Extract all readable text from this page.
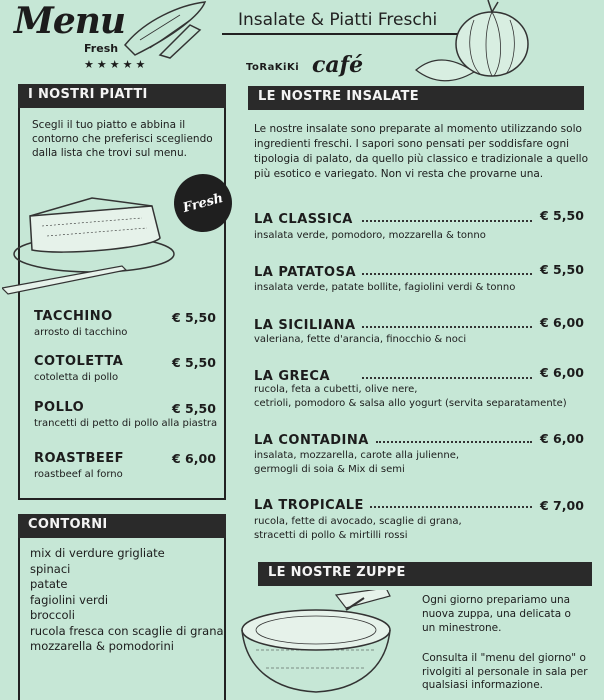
Menu
Fresh
★★★★★
Insalate & Piatti Freschi
ToRaKiKi café
I NOSTRI PIATTI
Scegli il tuo piatto e abbina il contorno che preferisci scegliendo dalla lista che trovi sul menu.
Fresh
TACCHINO	€ 5,50
arrosto di tacchino
COTOLETTA	€ 5,50
cotoletta di pollo
POLLO	€ 5,50
trancetti di petto di pollo alla piastra
ROASTBEEF	€ 6,00
roastbeef al forno
CONTORNI
mix di verdure grigliate
spinaci
patate
fagiolini verdi
broccoli
rucola fresca con scaglie di grana
mozzarella & pomodorini
LE NOSTRE INSALATE
Le nostre insalate sono preparate al momento utilizzando solo ingredienti freschi. I sapori sono pensati per soddisfare ogni tipologia di palato, da quello più classico e tradizionale a quello più esotico e variegato. Non vi resta che provarne una.
LA CLASSICA	€ 5,50
insalata verde, pomodoro, mozzarella & tonno
LA PATATOSA	€ 5,50
insalata verde, patate bollite, fagiolini verdi & tonno
LA SICILIANA	€ 6,00
valeriana, fette d'arancia, finocchio & noci
LA GRECA	€ 6,00
rucola, feta a cubetti, olive nere,
cetrioli, pomodoro & salsa allo yogurt (servita separatamente)
LA CONTADINA	€ 6,00
insalata, mozzarella, carote alla julienne,
germogli di soia & Mix di semi
LA TROPICALE	€ 7,00
rucola, fette di avocado, scaglie di grana,
stracetti di pollo & mirtilli rossi
LE NOSTRE ZUPPE
Ogni giorno prepariamo una nuova zuppa, una delicata o un minestrone.
Consulta il "menu del giorno" o rivolgiti al personale in sala per qualsiasi informazione.
